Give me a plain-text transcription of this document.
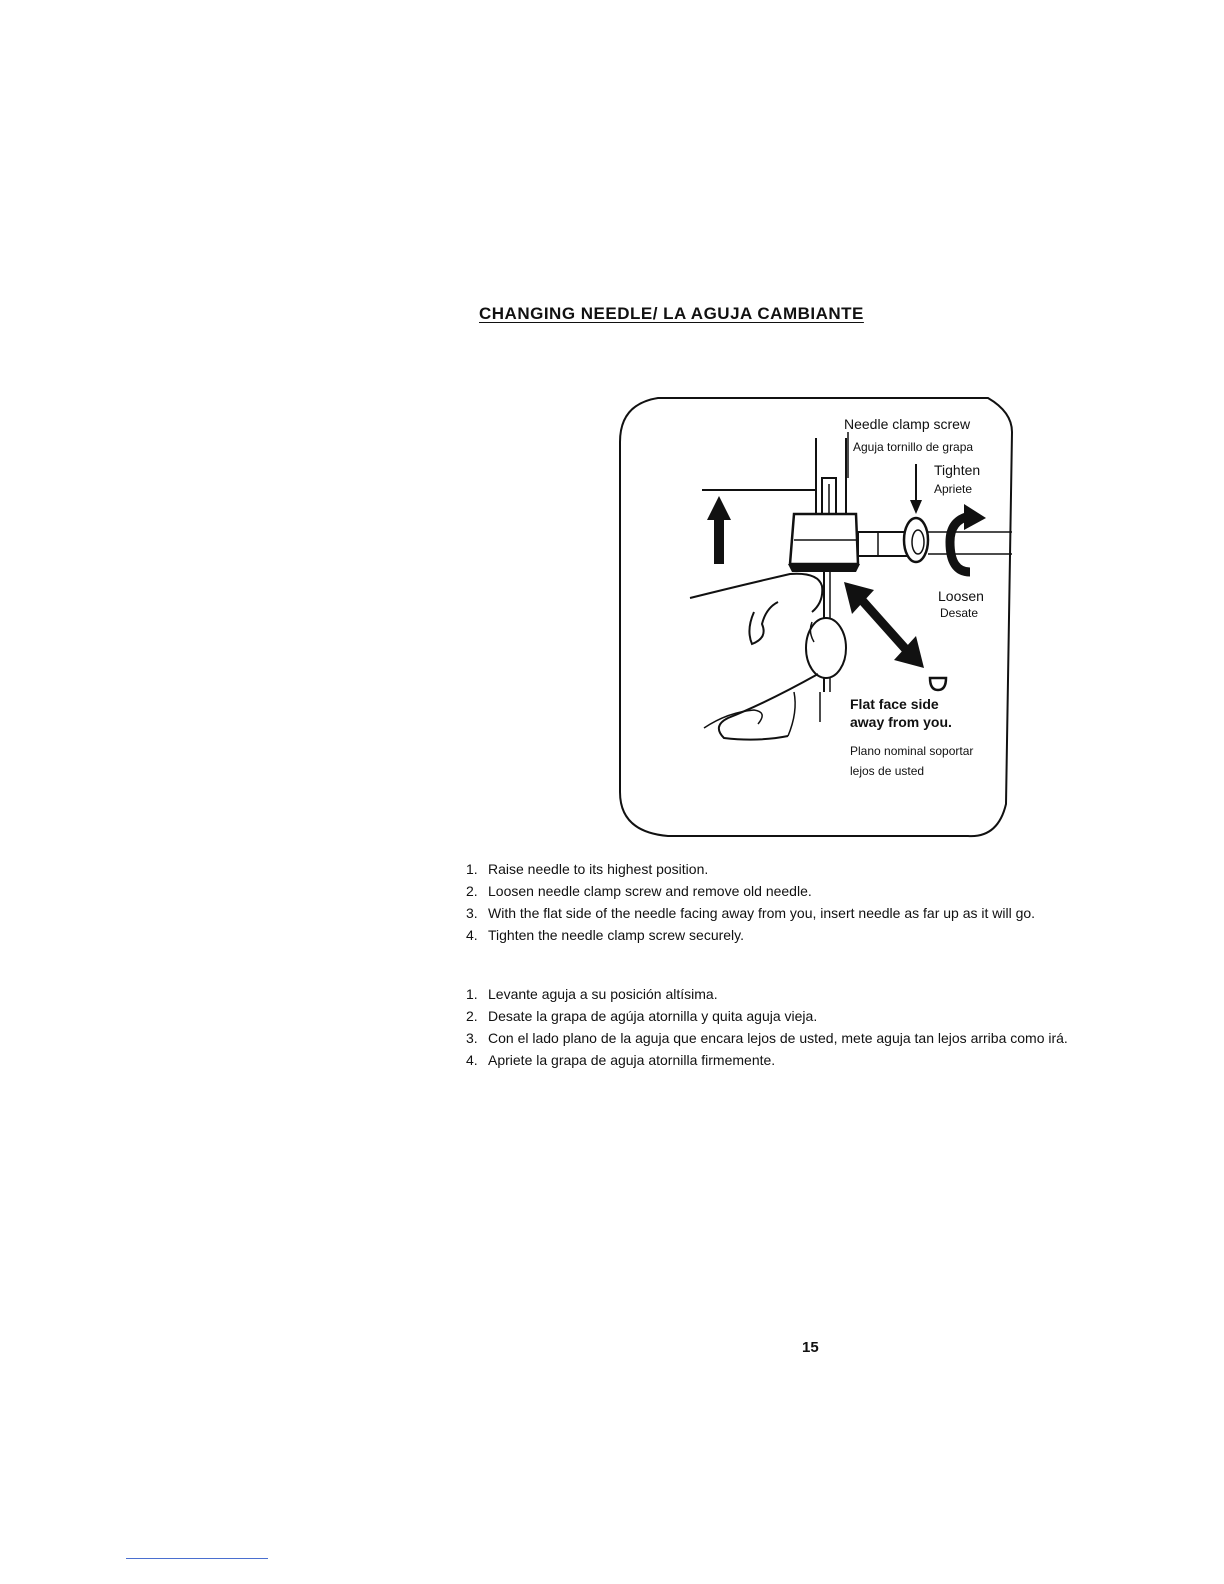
CHANGING NEEDLE/ LA AGUJA CAMBIANTE
Needle clamp screw
Aguja tornillo de grapa
Tighten
Apriete
Loosen
Desate
Flat face side
away from you.
Plano nominal soportar
lejos de usted
1. Raise needle to its highest position.
2. Loosen needle clamp screw and remove old needle.
3. With the flat side of the needle facing away from you, insert needle as far up as it will go.
4. Tighten the needle clamp screw securely.
1. Levante aguja a su posición altísima.
2. Desate la grapa de agúja atornilla y quita aguja vieja.
3. Con el lado plano de la aguja que encara lejos de usted, mete aguja tan lejos arriba como irá.
4. Apriete la grapa de aguja atornilla firmemente.
15
